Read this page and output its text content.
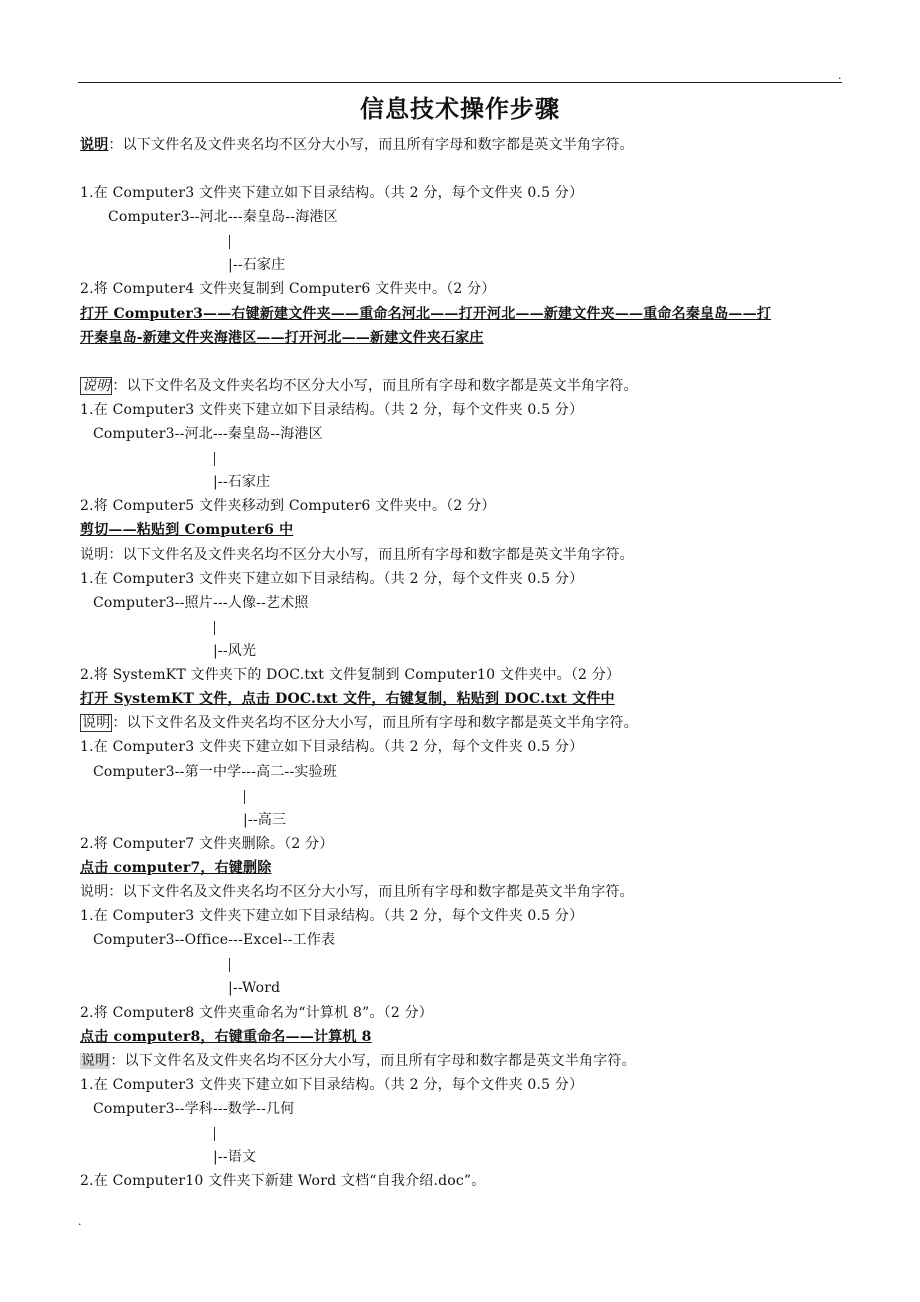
.
信息技术操作步骤
说明：以下文件名及文件夹名均不区分大小写，而且所有字母和数字都是英文半角字符。
1.在 Computer3 文件夹下建立如下目录结构。（共 2 分，每个文件夹 0.5 分）
Computer3--河北---秦皇岛--海港区
|--石家庄
2.将 Computer4 文件夹复制到 Computer6 文件夹中。（2 分）
打开 Computer3——右键新建文件夹——重命名河北——打开河北——新建文件夹——重命名秦皇岛——打
开秦皇岛-新建文件夹海港区——打开河北——新建文件夹石家庄
说明 ：以下文件名及文件夹名均不区分大小写，而且所有字母和数字都是英文半角字符。
1.在 Computer3 文件夹下建立如下目录结构。（共 2 分，每个文件夹 0.5 分）
Computer3--河北---秦皇岛--海港区
|--石家庄
2.将 Computer5 文件夹移动到 Computer6 文件夹中。（2 分）
剪切——粘贴到 Computer6 中
说明：以下文件名及文件夹名均不区分大小写，而且所有字母和数字都是英文半角字符。
1.在 Computer3 文件夹下建立如下目录结构。（共 2 分，每个文件夹 0.5 分）
Computer3--照片---人像--艺术照
|--风光
2.将 SystemKT 文件夹下的 DOC.txt 文件复制到 Computer10 文件夹中。（2 分）
打开 SystemKT 文件，点击 DOC.txt 文件，右键复制，粘贴到 DOC.txt 文件中
说明 ：以下文件名及文件夹名均不区分大小写，而且所有字母和数字都是英文半角字符。
1.在 Computer3 文件夹下建立如下目录结构。（共 2 分，每个文件夹 0.5 分）
Computer3--第一中学---高二--实验班
|--高三
2.将 Computer7 文件夹删除。（2 分）
点击 computer7，右键删除
说明：以下文件名及文件夹名均不区分大小写，而且所有字母和数字都是英文半角字符。
1.在 Computer3 文件夹下建立如下目录结构。（共 2 分，每个文件夹 0.5 分）
Computer3--Office---Excel--工作表
|--Word
2.将 Computer8 文件夹重命名为“计算机 8”。（2 分）
点击 computer8，右键重命名——计算机 8
说明：以下文件名及文件夹名均不区分大小写，而且所有字母和数字都是英文半角字符。
1.在 Computer3 文件夹下建立如下目录结构。（共 2 分，每个文件夹 0.5 分）
Computer3--学科---数学--几何
|--语文
2.在 Computer10 文件夹下新建 Word 文档“自我介绍.doc”。
.
